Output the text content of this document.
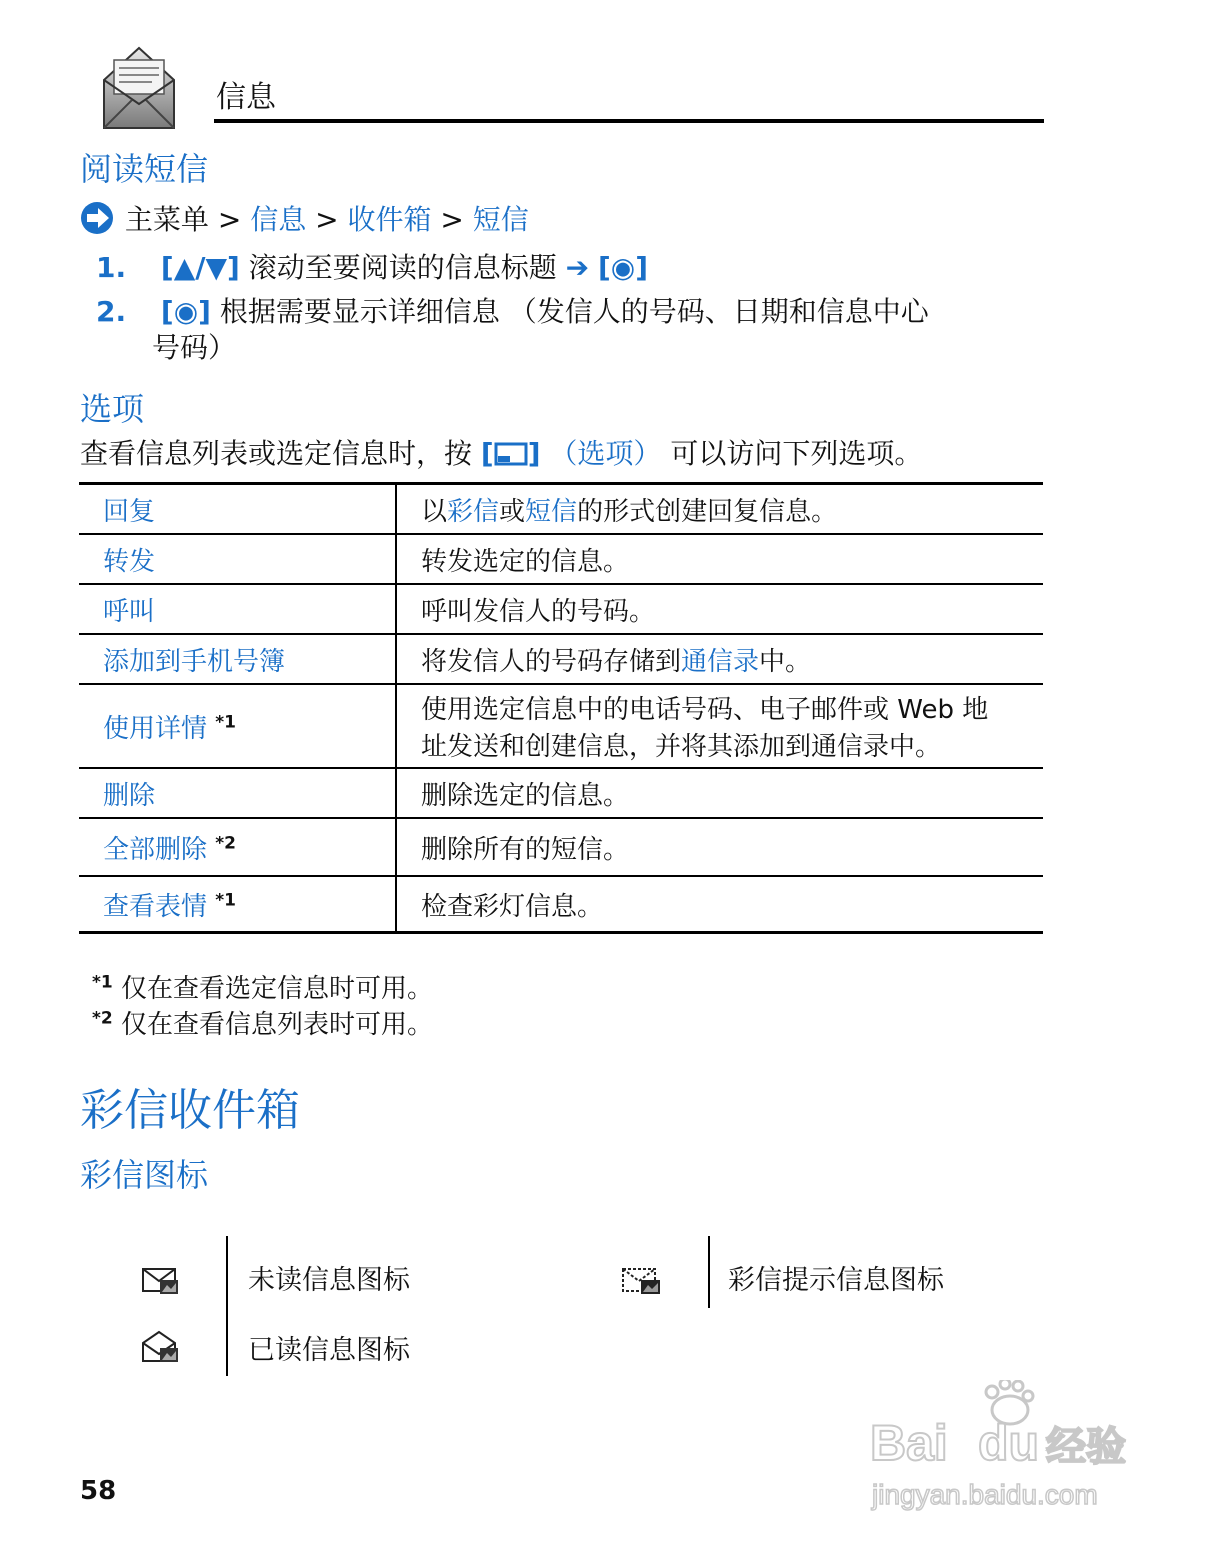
信息
阅读短信
主菜单 > 信息 > 收件箱 > 短信
1. [▲/▼] 滚动至要阅读的信息标题 ➔ [◉]
2. [◉] 根据需要显示详细信息 （发信人的号码、日期和信息中心
号码）
选项
查看信息列表或选定信息时，按 [ ] （选项） 可以访问下列选项。
回复	以彩信或短信的形式创建回复信息。
转发	转发选定的信息。
呼叫	呼叫发信人的号码。
添加到手机号簿	将发信人的号码存储到通信录中。
使用详情 $^{*1}$	使用选定信息中的电话号码、电子邮件或 Web 地
址发送和创建信息，并将其添加到通信录中。

删除	删除选定的信息。
全部删除 $^{*2}$	删除所有的短信。
查看表情 $^{*1}$	检查彩灯信息。
$^{*1}$ 仅在查看选定信息时可用。
$^{*2}$ 仅在查看信息列表时可用。
彩信收件箱
彩信图标
未读信息图标	彩信提示信息图标
已读信息图标
58
Bai du 经验
jingyan.baidu.com
